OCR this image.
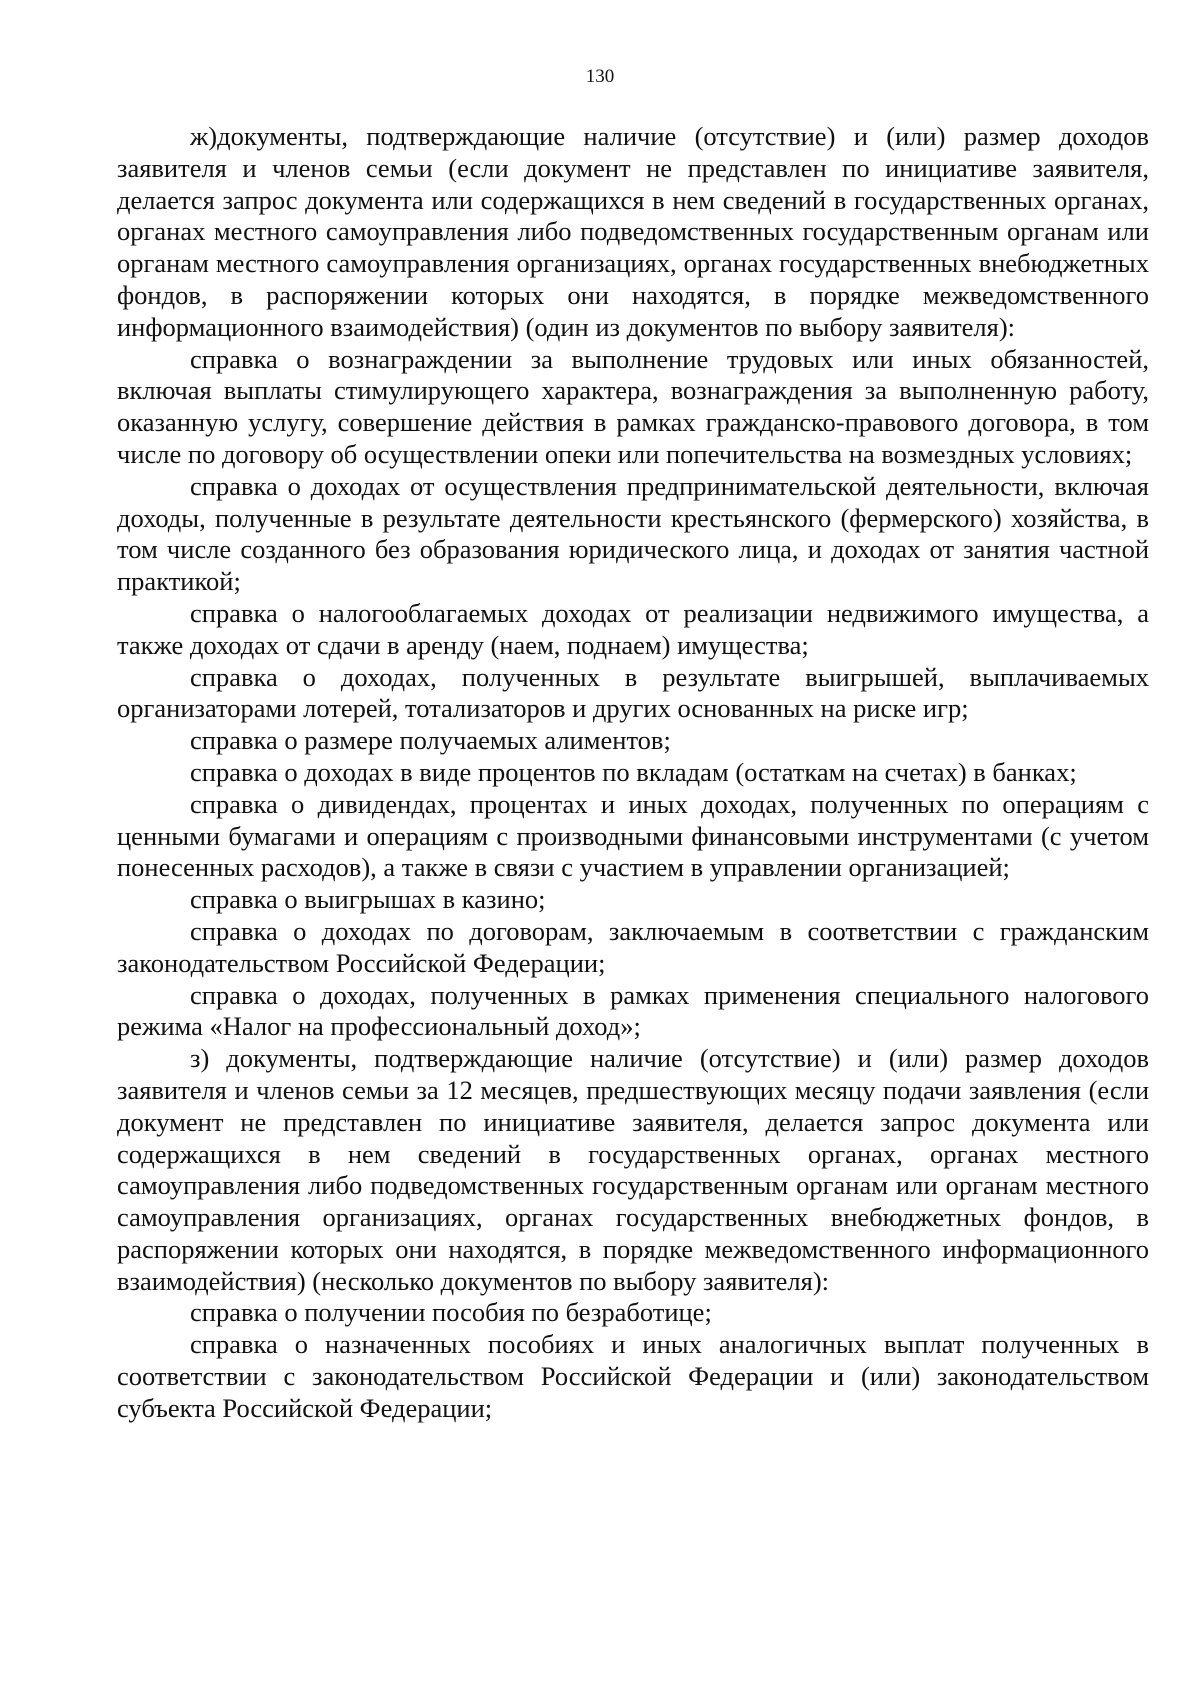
130

ж)документы, подтверждающие наличие (отсутствие) и (или) размер доходов заявителя и членов семьи (если документ не представлен по инициативе заявителя, делается запрос документа или содержащихся в нем сведений в государственных органах, органах местного самоуправления либо подведомственных государственным органам или органам местного самоуправления организациях, органах государственных внебюджетных фондов, в распоряжении которых они находятся, в порядке межведомственного информационного взаимодействия) (один из документов по выбору заявителя):

справка о вознаграждении за выполнение трудовых или иных обязанностей, включая выплаты стимулирующего характера, вознаграждения за выполненную работу, оказанную услугу, совершение действия в рамках гражданско-правового договора, в том числе по договору об осуществлении опеки или попечительства на возмездных условиях;

справка о доходах от осуществления предпринимательской деятельности, включая доходы, полученные в результате деятельности крестьянского (фермерского) хозяйства, в том числе созданного без образования юридического лица, и доходах от занятия частной практикой;

справка о налогооблагаемых доходах от реализации недвижимого имущества, а также доходах от сдачи в аренду (наем, поднаем) имущества;

справка о доходах, полученных в результате выигрышей, выплачиваемых организаторами лотерей, тотализаторов и других основанных на риске игр;

справка о размере получаемых алиментов;

справка о доходах в виде процентов по вкладам (остаткам на счетах) в банках;

справка о дивидендах, процентах и иных доходах, полученных по операциям с ценными бумагами и операциям с производными финансовыми инструментами (с учетом понесенных расходов), а также в связи с участием в управлении организацией;

справка о выигрышах в казино;

справка о доходах по договорам, заключаемым в соответствии с гражданским законодательством Российской Федерации;

справка о доходах, полученных в рамках применения специального налогового режима «Налог на профессиональный доход»;

з) документы, подтверждающие наличие (отсутствие) и (или) размер доходов заявителя и членов семьи за 12 месяцев, предшествующих месяцу подачи заявления (если документ не представлен по инициативе заявителя, делается запрос документа или содержащихся в нем сведений в государственных органах, органах местного самоуправления либо подведомственных государственным органам или органам местного самоуправления организациях, органах государственных внебюджетных фондов, в распоряжении которых они находятся, в порядке межведомственного информационного взаимодействия) (несколько документов по выбору заявителя):

справка о получении пособия по безработице;

справка о назначенных пособиях и иных аналогичных выплат полученных в соответствии с законодательством Российской Федерации и (или) законодательством субъекта Российской Федерации;
